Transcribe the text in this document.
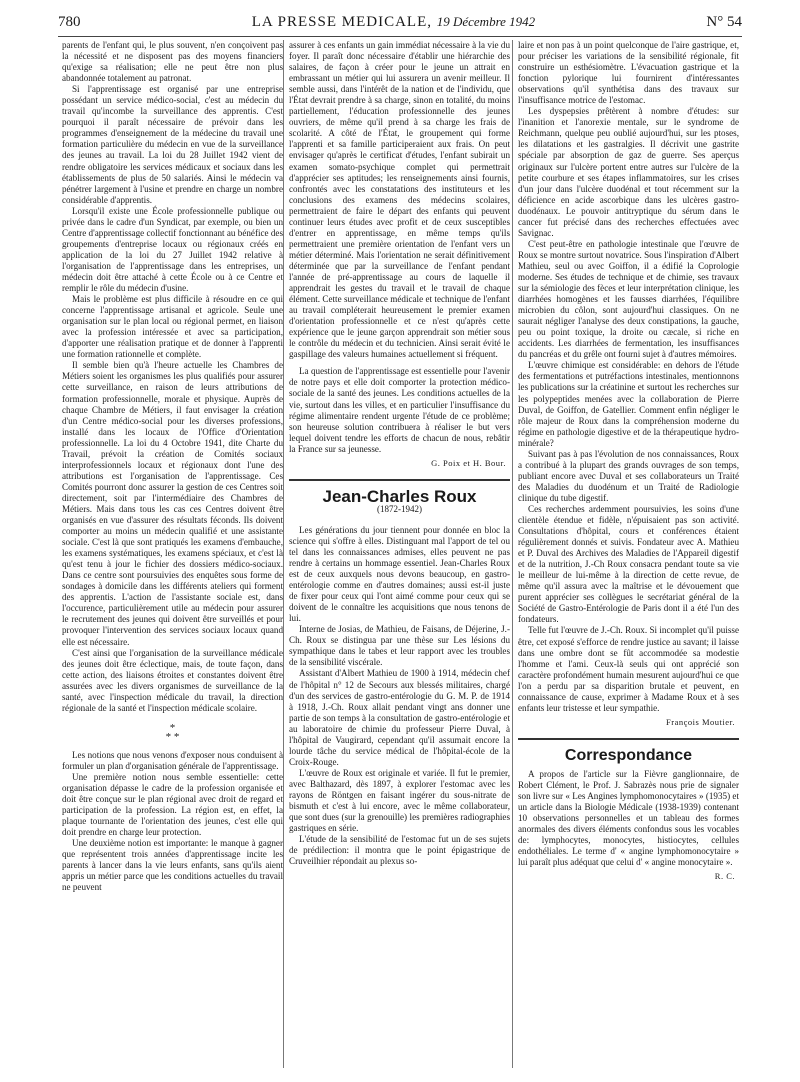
780	LA PRESSE MEDICALE, 19 Décembre 1942	N° 54

parents de l'enfant qui, le plus souvent, n'en conçoivent pas la nécessité et ne disposent pas des moyens financiers qu'exige sa réalisation; elle ne peut être non plus abandonnée totalement au patronat.

Si l'apprentissage est organisé par une entreprise possédant un service médico-social, c'est au médecin du travail qu'incombe la surveillance des apprentis. C'est pourquoi il paraît nécessaire de prévoir dans les programmes d'enseignement de la médecine du travail une formation particulière du médecin en vue de la surveillance des jeunes au travail. La loi du 28 Juillet 1942 vient de rendre obligatoire les services médicaux et sociaux dans les établissements de plus de 50 salariés. Ainsi le médecin va pénétrer largement à l'usine et prendre en charge un nombre considérable d'apprentis.

Lorsqu'il existe une École professionnelle publique ou privée dans le cadre d'un Syndicat, par exemple, ou bien un Centre d'apprentissage collectif fonctionnant au bénéfice des groupements d'entreprise locaux ou régionaux créés en application de la loi du 27 Juillet 1942 relative à l'organisation de l'apprentissage dans les entreprises, un médecin doit être attaché à cette École ou à ce Centre et remplir le rôle du médecin d'usine.

Mais le problème est plus difficile à résoudre en ce qui concerne l'apprentissage artisanal et agricole. Seule une organisation sur le plan local ou régional permet, en liaison avec la profession intéressée et avec sa participation, d'apporter une réalisation pratique et de donner à l'apprenti une formation rationnelle et complète.

Il semble bien qu'à l'heure actuelle les Chambres de Métiers soient les organismes les plus qualifiés pour assurer cette surveillance, en raison de leurs attributions de formation professionnelle, morale et physique. Auprès de chaque Chambre de Métiers, il faut envisager la création d'un Centre médico-social pour les diverses professions, installé dans les locaux de l'Office d'Orientation professionnelle. La loi du 4 Octobre 1941, dite Charte du Travail, prévoit la création de Comités sociaux interprofessionnels locaux et régionaux dont l'une des attributions est l'organisation de l'apprentissage. Ces Comités pourront donc assurer la gestion de ces Centres soit directement, soit par l'intermédiaire des Chambres de Métiers. Mais dans tous les cas ces Centres doivent être organisés en vue d'assurer des résultats féconds. Ils doivent comporter au moins un médecin qualifié et une assistante sociale. C'est là que sont pratiqués les examens d'embauche, les examens systématiques, les examens spéciaux, et c'est là qu'est tenu à jour le fichier des dossiers médico-sociaux. Dans ce centre sont poursuivies des enquêtes sous forme de sondages à domicile dans les différents ateliers qui forment des apprentis. L'action de l'assistante sociale est, dans l'occurence, particulièrement utile au médecin pour assurer le recrutement des jeunes qui doivent être surveillés et pour provoquer l'intervention des services sociaux locaux quand elle est nécessaire.

C'est ainsi que l'organisation de la surveillance médicale des jeunes doit être éclectique, mais, de toute façon, dans cette action, des liaisons étroites et constantes doivent être assurées avec les divers organismes de surveillance de la santé, avec l'inspection médicale du travail, la direction régionale de la santé et l'inspection médicale scolaire.

*
* *

Les notions que nous venons d'exposer nous conduisent à formuler un plan d'organisation générale de l'apprentissage.

Une première notion nous semble essentielle: cette organisation dépasse le cadre de la profession organisée et doit être conçue sur le plan régional avec droit de regard et participation de la profession. La région est, en effet, la plaque tournante de l'orientation des jeunes, c'est elle qui doit prendre en charge leur protection.

Une deuxième notion est importante: le manque à gagner que représentent trois années d'apprentissage incite les parents à lancer dans la vie leurs enfants, sans qu'ils aient appris un métier parce que les conditions actuelles du travail ne peuvent

assurer à ces enfants un gain immédiat nécessaire à la vie du foyer. Il paraît donc nécessaire d'établir une hiérarchie des salaires, de façon à créer pour le jeune un attrait en embrassant un métier qui lui assurera un avenir meilleur. Il semble aussi, dans l'intérêt de la nation et de l'individu, que l'État devrait prendre à sa charge, sinon en totalité, du moins partiellement, l'éducation professionnelle des jeunes ouvriers, de même qu'il prend à sa charge les frais de scolarité. A côté de l'État, le groupement qui forme l'apprenti et sa famille participeraient aux frais. On peut envisager qu'après le certificat d'études, l'enfant subirait un examen somato-psychique complet qui permettrait d'apprécier ses aptitudes; les renseignements ainsi fournis, confrontés avec les constatations des instituteurs et les conclusions des examens des médecins scolaires, permettraient de faire le départ des enfants qui peuvent continuer leurs études avec profit et de ceux susceptibles d'entrer en apprentissage, en même temps qu'ils permettraient une première orientation de l'enfant vers un métier déterminé. Mais l'orientation ne serait définitivement déterminée que par la surveillance de l'enfant pendant l'année de pré-apprentissage au cours de laquelle il apprendrait les gestes du travail et le travail de chaque élément. Cette surveillance médicale et technique de l'enfant au travail compléterait heureusement le premier examen d'orientation professionnelle et ce n'est qu'après cette expérience que le jeune garçon apprendrait son métier sous le contrôle du médecin et du technicien. Ainsi serait évité le gaspillage des valeurs humaines actuellement si fréquent.

La question de l'apprentissage est essentielle pour l'avenir de notre pays et elle doit comporter la protection médico-sociale de la santé des jeunes. Les conditions actuelles de la vie, surtout dans les villes, et en particulier l'insuffisance du régime alimentaire rendent urgente l'étude de ce problème; son heureuse solution contribuera à réaliser le but vers lequel doivent tendre les efforts de chacun de nous, rebâtir la France sur sa jeunesse.

G. Poix et H. Bour.
Jean-Charles Roux
(1872-1942)

Les générations du jour tiennent pour donnée en bloc la science qui s'offre à elles. Distinguant mal l'apport de tel ou tel dans les connaissances admises, elles peuvent ne pas rendre à certains un hommage essentiel. Jean-Charles Roux est de ceux auxquels nous devons beaucoup, en gastro-entérologie comme en d'autres domaines; aussi est-il juste de fixer pour ceux qui l'ont aimé comme pour ceux qui se doivent de le connaître les acquisitions que nous tenons de lui.

Interne de Josias, de Mathieu, de Faisans, de Déjerine, J.-Ch. Roux se distingua par une thèse sur Les lésions du sympathique dans le tabes et leur rapport avec les troubles de la sensibilité viscérale.

Assistant d'Albert Mathieu de 1900 à 1914, médecin chef de l'hôpital n° 12 de Secours aux blessés militaires, chargé d'un des services de gastro-entérologie du G. M. P. de 1914 à 1918, J.-Ch. Roux allait pendant vingt ans donner une partie de son temps à la consultation de gastro-entérologie et au laboratoire de chimie du professeur Pierre Duval, à l'hôpital de Vaugirard, cependant qu'il assumait encore la lourde tâche du service médical de l'hôpital-école de la Croix-Rouge.

L'œuvre de Roux est originale et variée. Il fut le premier, avec Balthazard, dès 1897, à explorer l'estomac avec les rayons de Röntgen en faisant ingérer du sous-nitrate de bismuth et c'est à lui encore, avec le même collaborateur, que sont dues (sur la grenouille) les premières radiographies gastriques en série.

L'étude de la sensibilité de l'estomac fut un de ses sujets de prédilection: il montra que le point épigastrique de Cruveilhier répondait au plexus so-

laire et non pas à un point quelconque de l'aire gastrique, et, pour préciser les variations de la sensibilité régionale, fit construire un esthésiomètre. L'évacuation gastrique et la fonction pylorique lui fournirent d'intéressantes observations qu'il synthétisa dans des travaux sur l'insuffisance motrice de l'estomac.

Les dyspepsies prêtèrent à nombre d'études: sur l'inanition et l'anorexie mentale, sur le syndrome de Reichmann, quelque peu oublié aujourd'hui, sur les ptoses, les dilatations et les gastralgies. Il décrivit une gastrite spéciale par absorption de gaz de guerre. Ses aperçus originaux sur l'ulcère portent entre autres sur l'ulcère de la petite courbure et ses étapes inflammatoires, sur les crises d'un jour dans l'ulcère duodénal et tout récemment sur la déficience en acide ascorbique dans les ulcères gastro-duodénaux. Le pouvoir antitryptique du sérum dans le cancer fut précisé dans des recherches effectuées avec Savignac.

C'est peut-être en pathologie intestinale que l'œuvre de Roux se montre surtout novatrice. Sous l'inspiration d'Albert Mathieu, seul ou avec Goiffon, il a édifié la Coprologie moderne. Ses études de technique et de chimie, ses travaux sur la sémiologie des fèces et leur interprétation clinique, les diarrhées homogènes et les fausses diarrhées, l'équilibre microbien du côlon, sont aujourd'hui classiques. On ne saurait négliger l'analyse des deux constipations, la gauche, peu ou point toxique, la droite ou cæcale, si riche en accidents. Les diarrhées de fermentation, les insuffisances du pancréas et du grêle ont fourni sujet à d'autres mémoires.

L'œuvre chimique est considérable: en dehors de l'étude des fermentations et putréfactions intestinales, mentionnons les publications sur la créatinine et surtout les recherches sur les polypeptides menées avec la collaboration de Pierre Duval, de Goiffon, de Gatellier. Comment enfin négliger le rôle majeur de Roux dans la compréhension moderne du régime en pathologie digestive et de la thérapeutique hydro-minérale?

Suivant pas à pas l'évolution de nos connaissances, Roux a contribué à la plupart des grands ouvrages de son temps, publiant encore avec Duval et ses collaborateurs un Traité des Maladies du duodénum et un Traité de Radiologie clinique du tube digestif.

Ces recherches ardemment poursuivies, les soins d'une clientèle étendue et fidèle, n'épuisaient pas son activité. Consultations d'hôpital, cours et conférences étaient régulièrement donnés et suivis. Fondateur avec A. Mathieu et P. Duval des Archives des Maladies de l'Appareil digestif et de la nutrition, J.-Ch Roux consacra pendant toute sa vie le meilleur de lui-même à la direction de cette revue, de même qu'il assura avec la maîtrise et le dévouement que purent apprécier ses collègues le secrétariat général de la Société de Gastro-Entérologie de Paris dont il a été l'un des fondateurs.

Telle fut l'œuvre de J.-Ch. Roux. Si incomplet qu'il puisse être, cet exposé s'efforce de rendre justice au savant; il laisse dans une ombre dont se fût accommodée sa modestie l'homme et l'ami. Ceux-là seuls qui ont apprécié son caractère profondément humain mesurent aujourd'hui ce que l'on a perdu par sa disparition brutale et peuvent, en connaissance de cause, exprimer à Madame Roux et à ses enfants leur tristesse et leur sympathie.

François Moutier.
Correspondance

A propos de l'article sur la Fièvre ganglionnaire, de Robert Clément, le Prof. J. Sabrazès nous prie de signaler son livre sur « Les Angines lymphomonocytaires » (1935) et un article dans la Biologie Médicale (1938-1939) contenant 10 observations personnelles et un tableau des formes anormales des divers éléments confondus sous les vocables de: lymphocytes, monocytes, histiocytes, cellules endothéliales. Le terme d' « angine lymphomonocytaire » lui paraît plus adéquat que celui d' « angine monocytaire ».

R. C.
